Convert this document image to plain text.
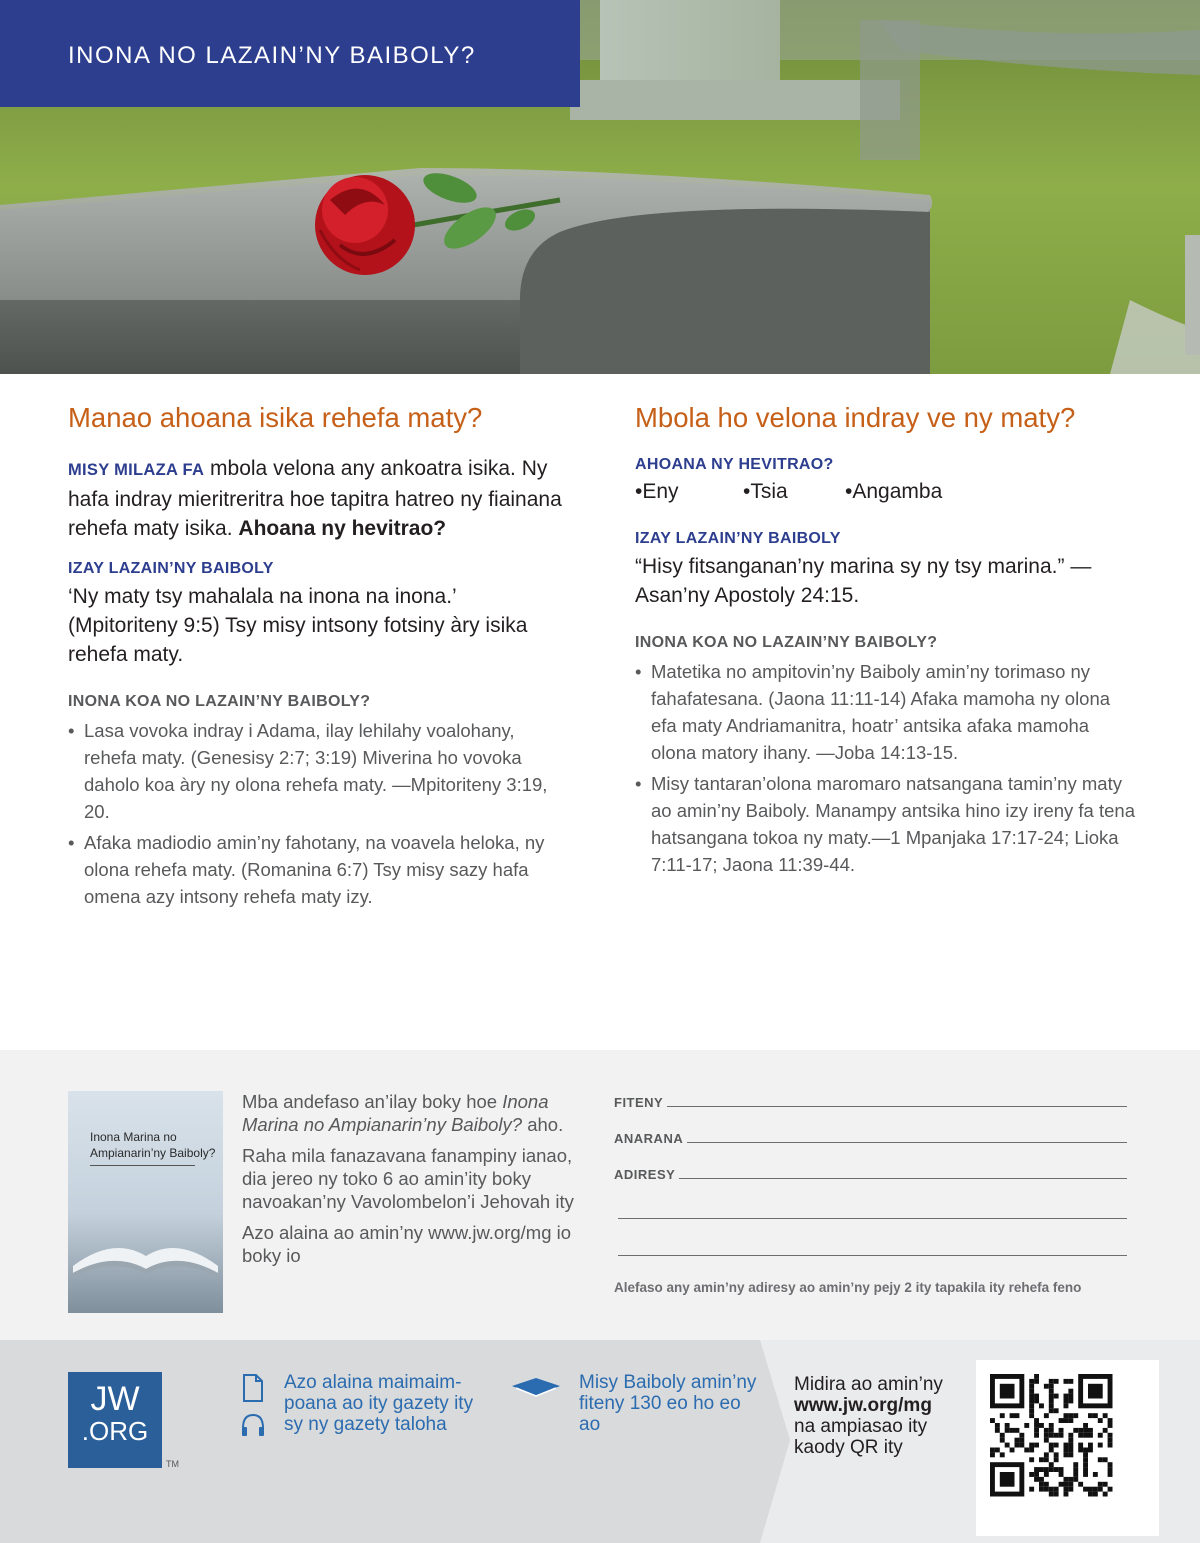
INONA NO LAZAIN’NY BAIBOLY?
Manao ahoana isika rehefa maty?
MISY MILAZA FA mbola velona any ankoatra isika. Ny hafa indray mieritreritra hoe tapitra hatreo ny fiainana rehefa maty isika. Ahoana ny hevitrao?
IZAY LAZAIN’NY BAIBOLY
‘Ny maty tsy mahalala na inona na inona.’ (Mpitoriteny 9:5) Tsy misy intsony fotsiny àry isika rehefa maty.
INONA KOA NO LAZAIN’NY BAIBOLY?
• Lasa vovoka indray i Adama, ilay lehilahy voalohany, rehefa maty. (Genesisy 2:7; 3:19) Miverina ho vovoka daholo koa àry ny olona rehefa maty. —Mpitoriteny 3:19, 20.
• Afaka madiodio amin’ny fahotany, na voavela heloka, ny olona rehefa maty. (Romanina 6:7) Tsy misy sazy hafa omena azy intsony rehefa maty izy.
Mbola ho velona indray ve ny maty?
AHOANA NY HEVITRAO?
• Eny	• Tsia	• Angamba
IZAY LAZAIN’NY BAIBOLY
“Hisy fitsanganan’ny marina sy ny tsy marina.” —Asan’ny Apostoly 24:15.
INONA KOA NO LAZAIN’NY BAIBOLY?
• Matetika no ampitovin’ny Baiboly amin’ny torimaso ny fahafatesana. (Jaona 11:11-14) Afaka mamoha ny olona efa maty Andriamanitra, hoatr’ antsika afaka mamoha olona matory ihany. —Joba 14:13-15.
• Misy tantaran’olona maromaro natsangana tamin’ny maty ao amin’ny Baiboly. Manampy antsika hino izy ireny fa tena hatsangana tokoa ny maty.—1 Mpanjaka 17:17-24; Lioka 7:11-17; Jaona 11:39-44.
Inona Marina no Ampianarin’ny Baiboly?

Mba andefaso an’ilay boky hoe Inona Marina no Ampianarin’ny Baiboly? aho.

Raha mila fanazavana fanampiny ianao, dia jereo ny toko 6 ao amin’ity boky navoakan’ny Vavolombelon’i Jehovah ity

Azo alaina ao amin’ny www.jw.org/mg io boky io

FITENY
ANARANA
ADIRESY
Alefaso any amin’ny adiresy ao amin’ny pejy 2 ity tapakila ity rehefa feno
JW
.ORG
TM
Azo alaina maimaim-poana ao ity gazety ity sy ny gazety taloha
Misy Baiboly amin’ny fiteny 130 eo ho eo ao
Midira ao amin’ny
www.jw.org/mg
na ampiasao ity kaody QR ity
